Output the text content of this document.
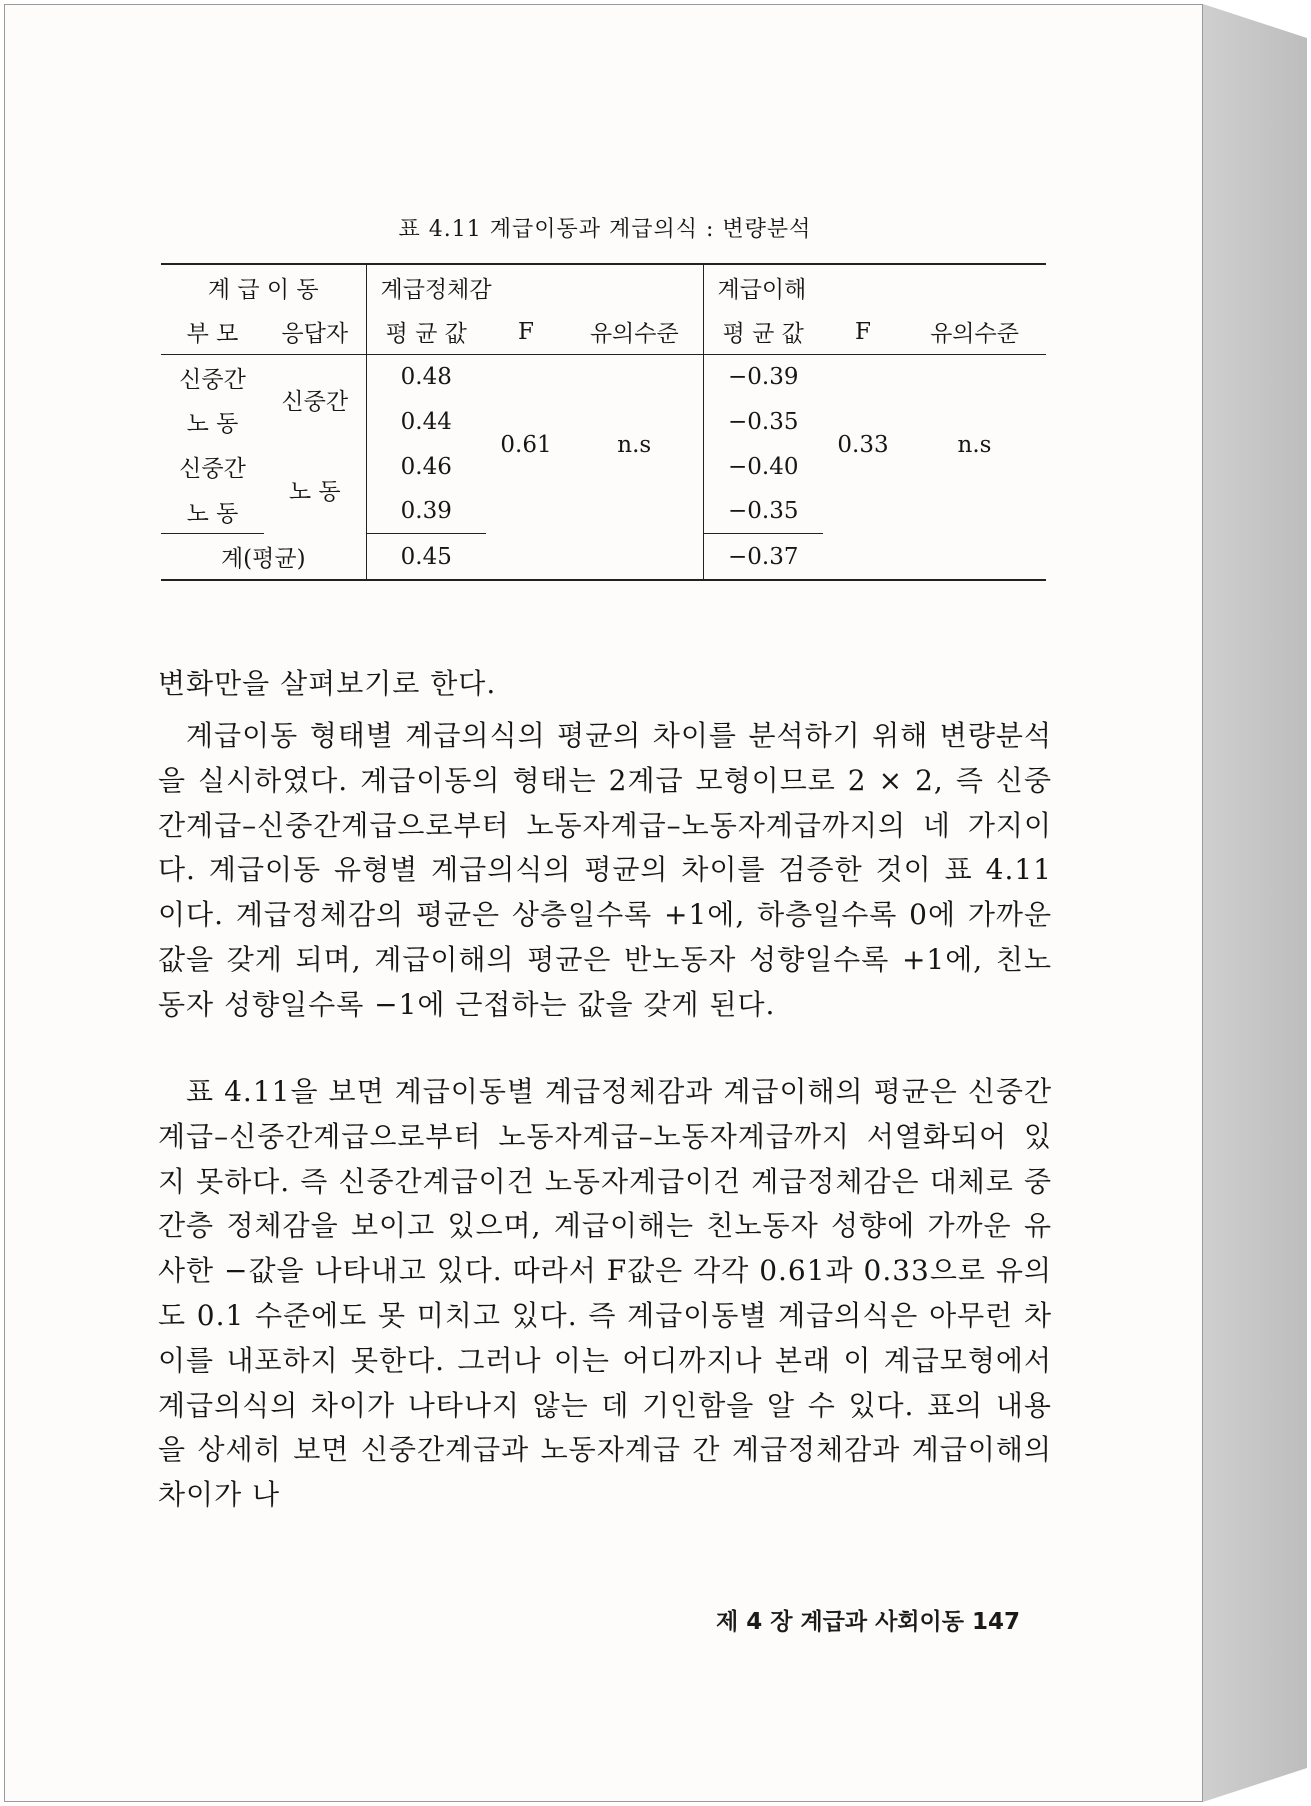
표 4.11 계급이동과 계급의식 : 변량분석
계 급 이 동		계급정체감			계급이해		
부 모	응답자	평 균 값	F	유의수준	평 균 값	F	유의수준
신중간	신중간	0.48	0.61	n.s	−0.39	0.33	n.s
노 동		0.44			−0.35		
신중간	노 동	0.46			−0.40		
노 동		0.39			−0.35		
계(평균)		0.45			−0.37		

변화만을 살펴보기로 한다.

계급이동 형태별 계급의식의 평균의 차이를 분석하기 위해 변량분석을 실시하였다. 계급이동의 형태는 2계급 모형이므로 2 × 2, 즉 신중간계급–신중간계급으로부터 노동자계급–노동자계급까지의 네 가지이다. 계급이동 유형별 계급의식의 평균의 차이를 검증한 것이 표 4.11이다. 계급정체감의 평균은 상층일수록 +1에, 하층일수록 0에 가까운 값을 갖게 되며, 계급이해의 평균은 반노동자 성향일수록 +1에, 친노동자 성향일수록 −1에 근접하는 값을 갖게 된다.

표 4.11을 보면 계급이동별 계급정체감과 계급이해의 평균은 신중간계급–신중간계급으로부터 노동자계급–노동자계급까지 서열화되어 있지 못하다. 즉 신중간계급이건 노동자계급이건 계급정체감은 대체로 중간층 정체감을 보이고 있으며, 계급이해는 친노동자 성향에 가까운 유사한 −값을 나타내고 있다. 따라서 F값은 각각 0.61과 0.33으로 유의도 0.1 수준에도 못 미치고 있다. 즉 계급이동별 계급의식은 아무런 차이를 내포하지 못한다. 그러나 이는 어디까지나 본래 이 계급모형에서 계급의식의 차이가 나타나지 않는 데 기인함을 알 수 있다. 표의 내용을 상세히 보면 신중간계급과 노동자계급 간 계급정체감과 계급이해의 차이가 나

제 4 장 계급과 사회이동 147
